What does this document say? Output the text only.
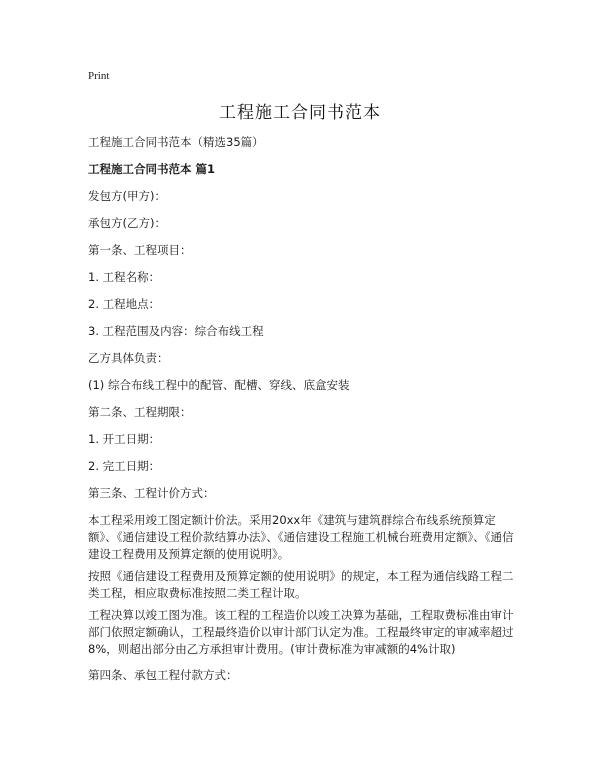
Print
工程施工合同书范本

工程施工合同书范本（精选35篇）

工程施工合同书范本 篇1

发包方(甲方)：

承包方(乙方)：

第一条、工程项目：

1. 工程名称：

2. 工程地点：

3. 工程范围及内容：综合布线工程

乙方具体负责：

(1) 综合布线工程中的配管、配槽、穿线、底盒安装

第二条、工程期限：

1. 开工日期：

2. 完工日期：

第三条、工程计价方式：

本工程采用竣工图定额计价法。采用20xx年《建筑与建筑群综合布线系统预算定额》、《通信建设工程价款结算办法》、《通信建设工程施工机械台班费用定额》、《通信建设工程费用及预算定额的使用说明》。

按照《通信建设工程费用及预算定额的使用说明》的规定，本工程为通信线路工程二类工程，相应取费标准按照二类工程计取。

工程决算以竣工图为准。该工程的工程造价以竣工决算为基础，工程取费标准由审计部门依照定额确认，工程最终造价以审计部门认定为准。工程最终审定的审减率超过8%，则超出部分由乙方承担审计费用。(审计费标准为审减额的4%计取)

第四条、承包工程付款方式：
